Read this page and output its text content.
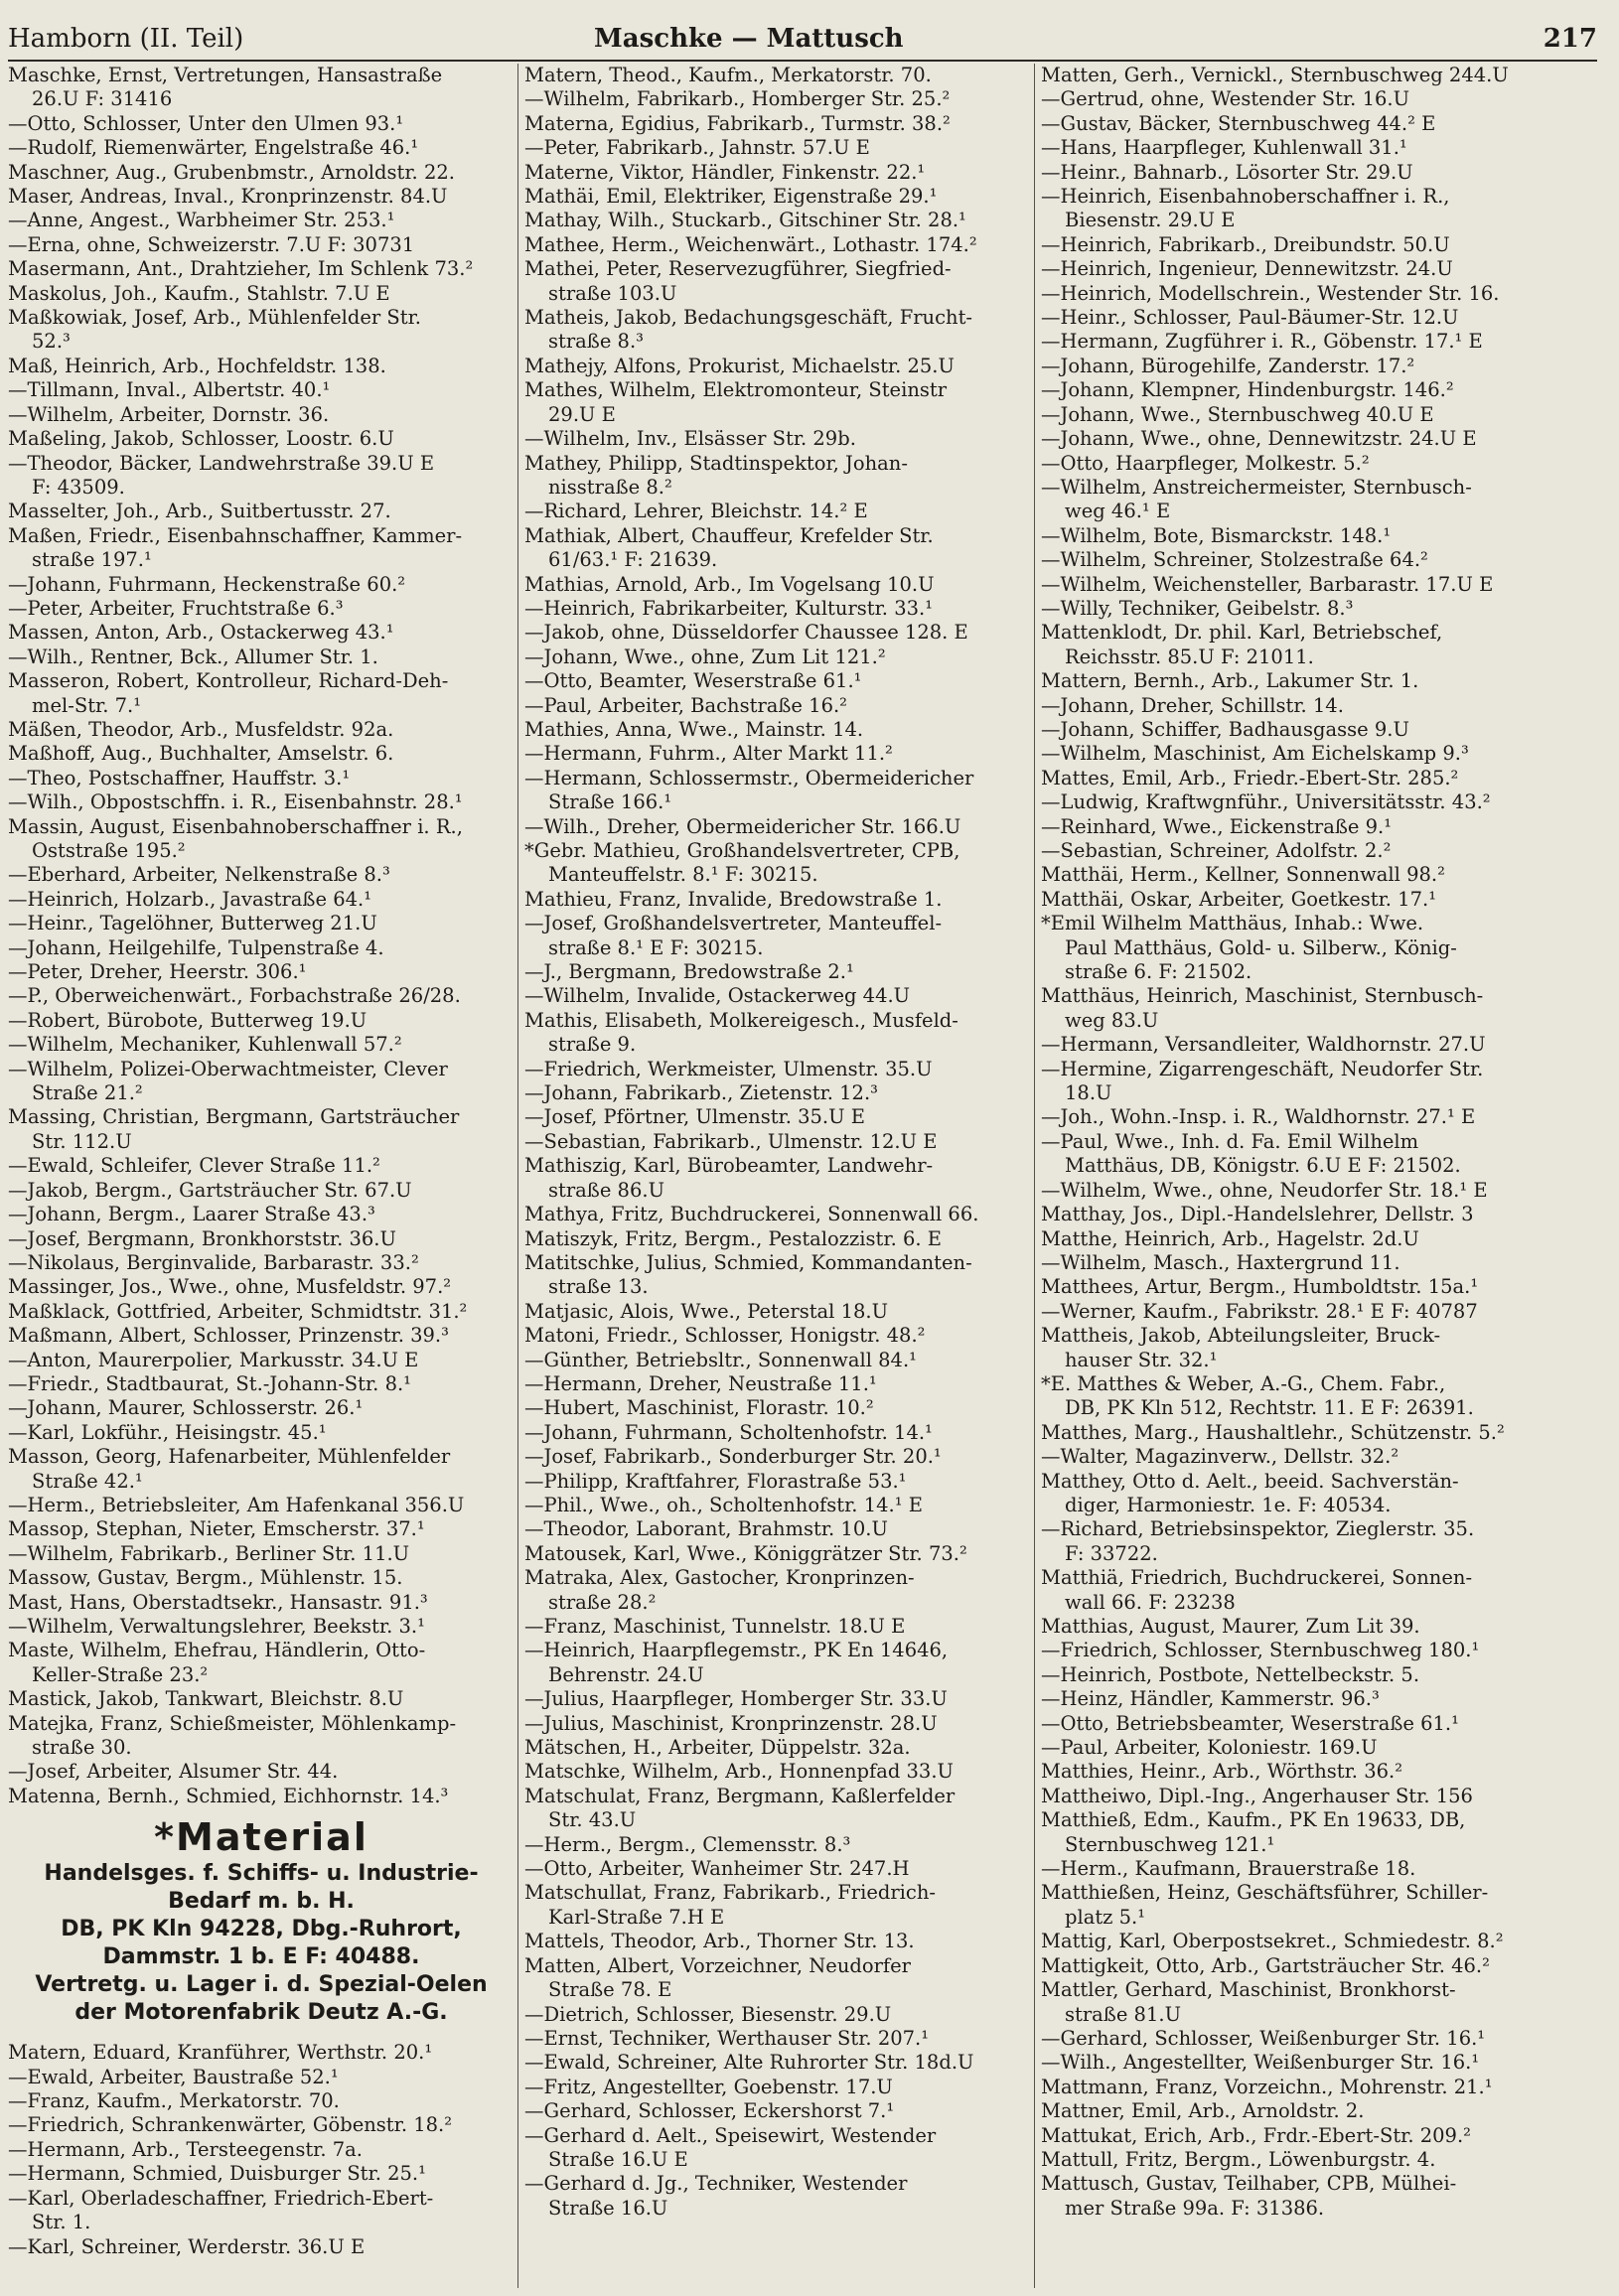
Hamborn (II. Teil)	Maschke — Mattusch	217
Maschke, Ernst, Vertretungen, Hansastraße
26.U F: 31416
—Otto, Schlosser, Unter den Ulmen 93.¹
—Rudolf, Riemenwärter, Engelstraße 46.¹
Maschner, Aug., Grubenbmstr., Arnoldstr. 22.
Maser, Andreas, Inval., Kronprinzenstr. 84.U
—Anne, Angest., Warbheimer Str. 253.¹
—Erna, ohne, Schweizerstr. 7.U F: 30731
Masermann, Ant., Drahtzieher, Im Schlenk 73.²
Maskolus, Joh., Kaufm., Stahlstr. 7.U E
Maßkowiak, Josef, Arb., Mühlenfelder Str.
52.³
Maß, Heinrich, Arb., Hochfeldstr. 138.
—Tillmann, Inval., Albertstr. 40.¹
—Wilhelm, Arbeiter, Dornstr. 36.
Maßeling, Jakob, Schlosser, Loostr. 6.U
—Theodor, Bäcker, Landwehrstraße 39.U E
F: 43509.
Masselter, Joh., Arb., Suitbertusstr. 27.
Maßen, Friedr., Eisenbahnschaffner, Kammer-
straße 197.¹
—Johann, Fuhrmann, Heckenstraße 60.²
—Peter, Arbeiter, Fruchtstraße 6.³
Massen, Anton, Arb., Ostackerweg 43.¹
—Wilh., Rentner, Bck., Allumer Str. 1.
Masseron, Robert, Kontrolleur, Richard-Deh-
mel-Str. 7.¹
Mäßen, Theodor, Arb., Musfeldstr. 92a.
Maßhoff, Aug., Buchhalter, Amselstr. 6.
—Theo, Postschaffner, Hauffstr. 3.¹
—Wilh., Obpostschffn. i. R., Eisenbahnstr. 28.¹
Massin, August, Eisenbahnoberschaffner i. R.,
Oststraße 195.²
—Eberhard, Arbeiter, Nelkenstraße 8.³
—Heinrich, Holzarb., Javastraße 64.¹
—Heinr., Tagelöhner, Butterweg 21.U
—Johann, Heilgehilfe, Tulpenstraße 4.
—Peter, Dreher, Heerstr. 306.¹
—P., Oberweichenwärt., Forbachstraße 26/28.
—Robert, Bürobote, Butterweg 19.U
—Wilhelm, Mechaniker, Kuhlenwall 57.²
—Wilhelm, Polizei-Oberwachtmeister, Clever
Straße 21.²
Massing, Christian, Bergmann, Gartsträucher
Str. 112.U
—Ewald, Schleifer, Clever Straße 11.²
—Jakob, Bergm., Gartsträucher Str. 67.U
—Johann, Bergm., Laarer Straße 43.³
—Josef, Bergmann, Bronkhorststr. 36.U
—Nikolaus, Berginvalide, Barbarastr. 33.²
Massinger, Jos., Wwe., ohne, Musfeldstr. 97.²
Maßklack, Gottfried, Arbeiter, Schmidtstr. 31.²
Maßmann, Albert, Schlosser, Prinzenstr. 39.³
—Anton, Maurerpolier, Markusstr. 34.U E
—Friedr., Stadtbaurat, St.-Johann-Str. 8.¹
—Johann, Maurer, Schlosserstr. 26.¹
—Karl, Lokführ., Heisingstr. 45.¹
Masson, Georg, Hafenarbeiter, Mühlenfelder
Straße 42.¹
—Herm., Betriebsleiter, Am Hafenkanal 356.U
Massop, Stephan, Nieter, Emscherstr. 37.¹
—Wilhelm, Fabrikarb., Berliner Str. 11.U
Massow, Gustav, Bergm., Mühlenstr. 15.
Mast, Hans, Oberstadtsekr., Hansastr. 91.³
—Wilhelm, Verwaltungslehrer, Beekstr. 3.¹
Maste, Wilhelm, Ehefrau, Händlerin, Otto-
Keller-Straße 23.²
Mastick, Jakob, Tankwart, Bleichstr. 8.U
Matejka, Franz, Schießmeister, Möhlenkamp-
straße 30.
—Josef, Arbeiter, Alsumer Str. 44.
Matenna, Bernh., Schmied, Eichhornstr. 14.³
*Material
Handelsges. f. Schiffs- u. Industrie-Bedarf m. b. H.
DB, PK Kln 94228, Dbg.-Ruhrort,
Dammstr. 1 b. E F: 40488.
Vertretg. u. Lager i. d. Spezial-Oelen
der Motorenfabrik Deutz A.-G.
Matern, Eduard, Kranführer, Werthstr. 20.¹
—Ewald, Arbeiter, Baustraße 52.¹
—Franz, Kaufm., Merkatorstr. 70.
—Friedrich, Schrankenwärter, Göbenstr. 18.²
—Hermann, Arb., Tersteegenstr. 7a.
—Hermann, Schmied, Duisburger Str. 25.¹
—Karl, Oberladeschaffner, Friedrich-Ebert-
Str. 1.
—Karl, Schreiner, Werderstr. 36.U E
Matern, Theod., Kaufm., Merkatorstr. 70.
—Wilhelm, Fabrikarb., Homberger Str. 25.²
Materna, Egidius, Fabrikarb., Turmstr. 38.²
—Peter, Fabrikarb., Jahnstr. 57.U E
Materne, Viktor, Händler, Finkenstr. 22.¹
Mathäi, Emil, Elektriker, Eigenstraße 29.¹
Mathay, Wilh., Stuckarb., Gitschiner Str. 28.¹
Mathee, Herm., Weichenwärt., Lothastr. 174.²
Mathei, Peter, Reservezugführer, Siegfried-
straße 103.U
Matheis, Jakob, Bedachungsgeschäft, Frucht-
straße 8.³
Mathejy, Alfons, Prokurist, Michaelstr. 25.U
Mathes, Wilhelm, Elektromonteur, Steinstr
29.U E
—Wilhelm, Inv., Elsässer Str. 29b.
Mathey, Philipp, Stadtinspektor, Johan-
nisstraße 8.²
—Richard, Lehrer, Bleichstr. 14.² E
Mathiak, Albert, Chauffeur, Krefelder Str.
61/63.¹ F: 21639.
Mathias, Arnold, Arb., Im Vogelsang 10.U
—Heinrich, Fabrikarbeiter, Kulturstr. 33.¹
—Jakob, ohne, Düsseldorfer Chaussee 128. E
—Johann, Wwe., ohne, Zum Lit 121.²
—Otto, Beamter, Weserstraße 61.¹
—Paul, Arbeiter, Bachstraße 16.²
Mathies, Anna, Wwe., Mainstr. 14.
—Hermann, Fuhrm., Alter Markt 11.²
—Hermann, Schlossermstr., Obermeidericher
Straße 166.¹
—Wilh., Dreher, Obermeidericher Str. 166.U
*Gebr. Mathieu, Großhandelsvertreter, CPB,
Manteuffelstr. 8.¹ F: 30215.
Mathieu, Franz, Invalide, Bredowstraße 1.
—Josef, Großhandelsvertreter, Manteuffel-
straße 8.¹ E F: 30215.
—J., Bergmann, Bredowstraße 2.¹
—Wilhelm, Invalide, Ostackerweg 44.U
Mathis, Elisabeth, Molkereigesch., Musfeld-
straße 9.
—Friedrich, Werkmeister, Ulmenstr. 35.U
—Johann, Fabrikarb., Zietenstr. 12.³
—Josef, Pförtner, Ulmenstr. 35.U E
—Sebastian, Fabrikarb., Ulmenstr. 12.U E
Mathiszig, Karl, Bürobeamter, Landwehr-
straße 86.U
Mathya, Fritz, Buchdruckerei, Sonnenwall 66.
Matiszyk, Fritz, Bergm., Pestalozzistr. 6. E
Matitschke, Julius, Schmied, Kommandanten-
straße 13.
Matjasic, Alois, Wwe., Peterstal 18.U
Matoni, Friedr., Schlosser, Honigstr. 48.²
—Günther, Betriebsltr., Sonnenwall 84.¹
—Hermann, Dreher, Neustraße 11.¹
—Hubert, Maschinist, Florastr. 10.²
—Johann, Fuhrmann, Scholtenhofstr. 14.¹
—Josef, Fabrikarb., Sonderburger Str. 20.¹
—Philipp, Kraftfahrer, Florastraße 53.¹
—Phil., Wwe., oh., Scholtenhofstr. 14.¹ E
—Theodor, Laborant, Brahmstr. 10.U
Matousek, Karl, Wwe., Königgrätzer Str. 73.²
Matraka, Alex, Gastocher, Kronprinzen-
straße 28.²
—Franz, Maschinist, Tunnelstr. 18.U E
—Heinrich, Haarpflegemstr., PK En 14646,
Behrenstr. 24.U
—Julius, Haarpfleger, Homberger Str. 33.U
—Julius, Maschinist, Kronprinzenstr. 28.U
Mätschen, H., Arbeiter, Düppelstr. 32a.
Matschke, Wilhelm, Arb., Honnenpfad 33.U
Matschulat, Franz, Bergmann, Kaßlerfelder
Str. 43.U
—Herm., Bergm., Clemensstr. 8.³
—Otto, Arbeiter, Wanheimer Str. 247.H
Matschullat, Franz, Fabrikarb., Friedrich-
Karl-Straße 7.H E
Mattels, Theodor, Arb., Thorner Str. 13.
Matten, Albert, Vorzeichner, Neudorfer
Straße 78. E
—Dietrich, Schlosser, Biesenstr. 29.U
—Ernst, Techniker, Werthauser Str. 207.¹
—Ewald, Schreiner, Alte Ruhrorter Str. 18d.U
—Fritz, Angestellter, Goebenstr. 17.U
—Gerhard, Schlosser, Eckershorst 7.¹
—Gerhard d. Aelt., Speisewirt, Westender
Straße 16.U E
—Gerhard d. Jg., Techniker, Westender
Straße 16.U
Matten, Gerh., Vernickl., Sternbuschweg 244.U
—Gertrud, ohne, Westender Str. 16.U
—Gustav, Bäcker, Sternbuschweg 44.² E
—Hans, Haarpfleger, Kuhlenwall 31.¹
—Heinr., Bahnarb., Lösorter Str. 29.U
—Heinrich, Eisenbahnoberschaffner i. R.,
Biesenstr. 29.U E
—Heinrich, Fabrikarb., Dreibundstr. 50.U
—Heinrich, Ingenieur, Dennewitzstr. 24.U
—Heinrich, Modellschrein., Westender Str. 16.
—Heinr., Schlosser, Paul-Bäumer-Str. 12.U
—Hermann, Zugführer i. R., Göbenstr. 17.¹ E
—Johann, Bürogehilfe, Zanderstr. 17.²
—Johann, Klempner, Hindenburgstr. 146.²
—Johann, Wwe., Sternbuschweg 40.U E
—Johann, Wwe., ohne, Dennewitzstr. 24.U E
—Otto, Haarpfleger, Molkestr. 5.²
—Wilhelm, Anstreichermeister, Sternbusch-
weg 46.¹ E
—Wilhelm, Bote, Bismarckstr. 148.¹
—Wilhelm, Schreiner, Stolzestraße 64.²
—Wilhelm, Weichensteller, Barbarastr. 17.U E
—Willy, Techniker, Geibelstr. 8.³
Mattenklodt, Dr. phil. Karl, Betriebschef,
Reichsstr. 85.U F: 21011.
Mattern, Bernh., Arb., Lakumer Str. 1.
—Johann, Dreher, Schillstr. 14.
—Johann, Schiffer, Badhausgasse 9.U
—Wilhelm, Maschinist, Am Eichelskamp 9.³
Mattes, Emil, Arb., Friedr.-Ebert-Str. 285.²
—Ludwig, Kraftwgnführ., Universitätsstr. 43.²
—Reinhard, Wwe., Eickenstraße 9.¹
—Sebastian, Schreiner, Adolfstr. 2.²
Matthäi, Herm., Kellner, Sonnenwall 98.²
Matthäi, Oskar, Arbeiter, Goetkestr. 17.¹
*Emil Wilhelm Matthäus, Inhab.: Wwe.
Paul Matthäus, Gold- u. Silberw., König-
straße 6. F: 21502.
Matthäus, Heinrich, Maschinist, Sternbusch-
weg 83.U
—Hermann, Versandleiter, Waldhornstr. 27.U
—Hermine, Zigarrengeschäft, Neudorfer Str.
18.U
—Joh., Wohn.-Insp. i. R., Waldhornstr. 27.¹ E
—Paul, Wwe., Inh. d. Fa. Emil Wilhelm
Matthäus, DB, Königstr. 6.U E F: 21502.
—Wilhelm, Wwe., ohne, Neudorfer Str. 18.¹ E
Matthay, Jos., Dipl.-Handelslehrer, Dellstr. 3
Matthe, Heinrich, Arb., Hagelstr. 2d.U
—Wilhelm, Masch., Haxtergrund 11.
Matthees, Artur, Bergm., Humboldtstr. 15a.¹
—Werner, Kaufm., Fabrikstr. 28.¹ E F: 40787
Mattheis, Jakob, Abteilungsleiter, Bruck-
hauser Str. 32.¹
*E. Matthes & Weber, A.-G., Chem. Fabr.,
DB, PK Kln 512, Rechtstr. 11. E F: 26391.
Matthes, Marg., Haushaltlehr., Schützenstr. 5.²
—Walter, Magazinverw., Dellstr. 32.²
Matthey, Otto d. Aelt., beeid. Sachverstän-
diger, Harmoniestr. 1e. F: 40534.
—Richard, Betriebsinspektor, Zieglerstr. 35.
F: 33722.
Matthiä, Friedrich, Buchdruckerei, Sonnen-
wall 66. F: 23238
Matthias, August, Maurer, Zum Lit 39.
—Friedrich, Schlosser, Sternbuschweg 180.¹
—Heinrich, Postbote, Nettelbeckstr. 5.
—Heinz, Händler, Kammerstr. 96.³
—Otto, Betriebsbeamter, Weserstraße 61.¹
—Paul, Arbeiter, Koloniestr. 169.U
Matthies, Heinr., Arb., Wörthstr. 36.²
Mattheiwo, Dipl.-Ing., Angerhauser Str. 156
Matthieß, Edm., Kaufm., PK En 19633, DB,
Sternbuschweg 121.¹
—Herm., Kaufmann, Brauerstraße 18.
Matthießen, Heinz, Geschäftsführer, Schiller-
platz 5.¹
Mattig, Karl, Oberpostsekret., Schmiedestr. 8.²
Mattigkeit, Otto, Arb., Gartsträucher Str. 46.²
Mattler, Gerhard, Maschinist, Bronkhorst-
straße 81.U
—Gerhard, Schlosser, Weißenburger Str. 16.¹
—Wilh., Angestellter, Weißenburger Str. 16.¹
Mattmann, Franz, Vorzeichn., Mohrenstr. 21.¹
Mattner, Emil, Arb., Arnoldstr. 2.
Mattukat, Erich, Arb., Frdr.-Ebert-Str. 209.²
Mattull, Fritz, Bergm., Löwenburgstr. 4.
Mattusch, Gustav, Teilhaber, CPB, Mülhei-
mer Straße 99a. F: 31386.
